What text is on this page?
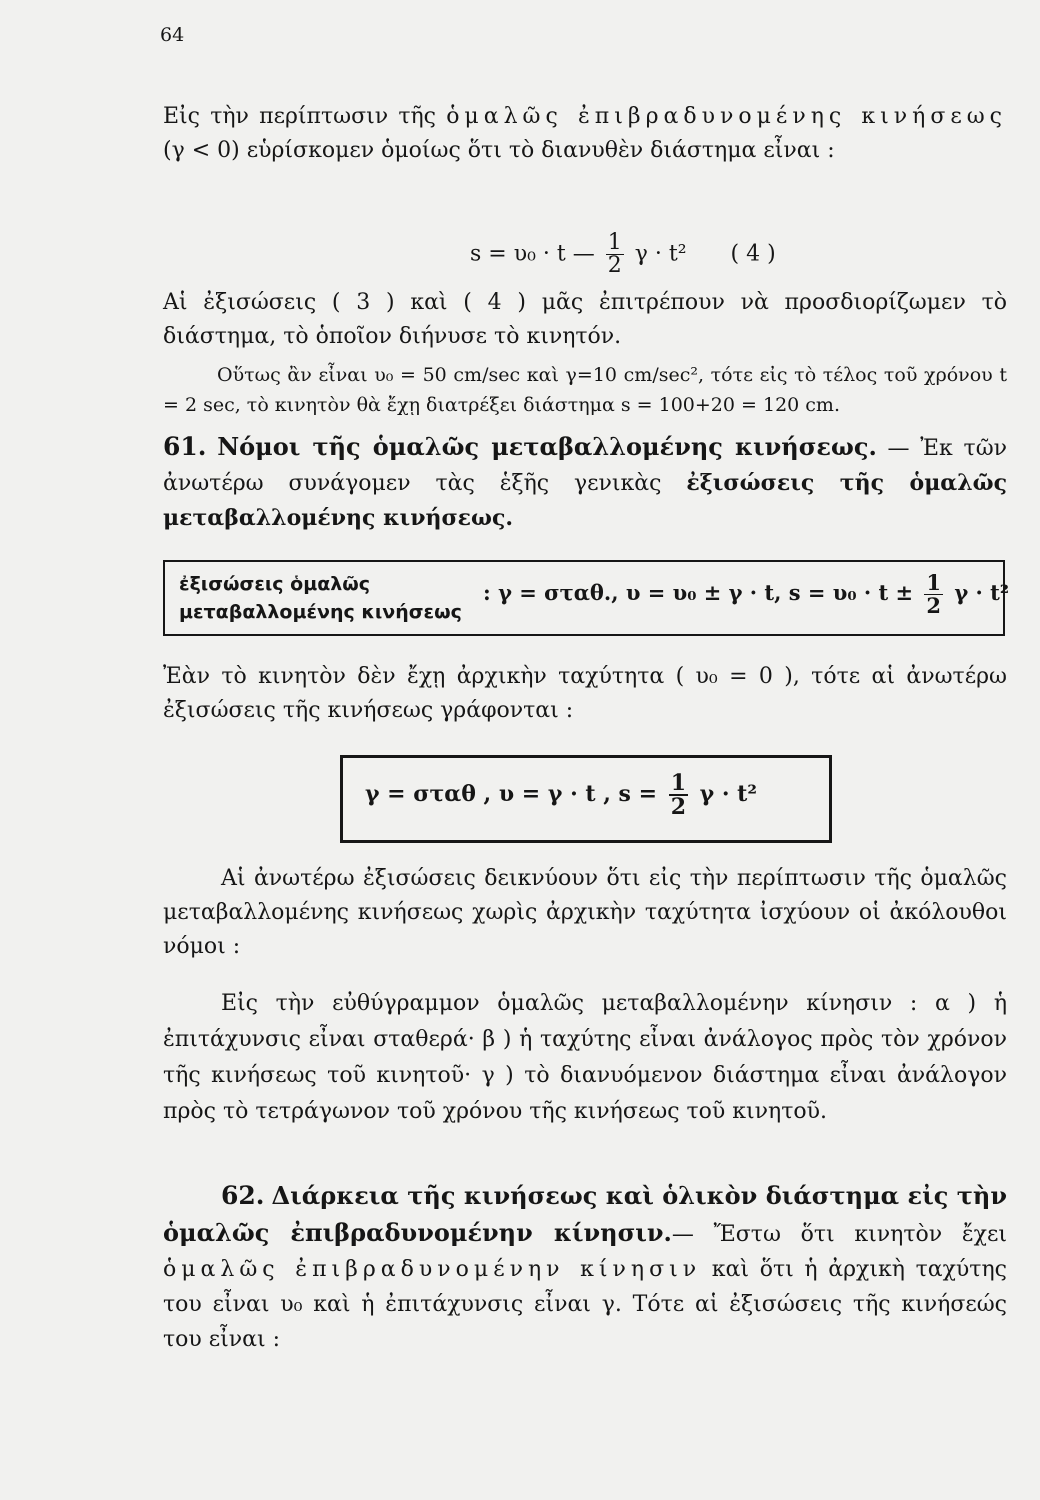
64
Εἰς τὴν περίπτωσιν τῆς ὁμαλῶς ἐπιβραδυνομένης κινήσεως (γ < 0) εὑρίσκομεν ὁμοίως ὅτι τὸ διανυθὲν διάστημα εἶναι :
s = υ₀ · t — $\frac{1}{2}$ γ · t² ( 4 )
Αἱ ἐξισώσεις ( 3 ) καὶ ( 4 ) μᾶς ἐπιτρέπουν νὰ προσδιορίζωμεν τὸ διάστημα, τὸ ὁποῖον διήνυσε τὸ κινητόν.
Οὕτως ἂν εἶναι υ₀ = 50 cm/sec καὶ γ=10 cm/sec², τότε εἰς τὸ τέλος τοῦ χρόνου t = 2 sec, τὸ κινητὸν θὰ ἔχῃ διατρέξει διάστημα s = 100+20 = 120 cm.
61. Νόμοι τῆς ὁμαλῶς μεταβαλλομένης κινήσεως. — Ἐκ τῶν ἀνωτέρω συνάγομεν τὰς ἑξῆς γενικὰς ἐξισώσεις τῆς ὁμαλῶς μεταβαλλομένης κινήσεως.
ἐξισώσεις ὁμαλῶς μεταβαλλομένης κινήσεως
: γ = σταθ., υ = υ₀ ± γ · t, $s = \upsilon_0 \cdot t \pm \frac{1}{2}$ γ · t²
Ἐὰν τὸ κινητὸν δὲν ἔχῃ ἀρχικὴν ταχύτητα ( υ₀ = 0 ), τότε αἱ ἀνωτέρω ἐξισώσεις τῆς κινήσεως γράφονται :
γ = σταθ , υ = γ · t , $s = \frac{1}{2}$ γ · t²
Αἱ ἀνωτέρω ἐξισώσεις δεικνύουν ὅτι εἰς τὴν περίπτωσιν τῆς ὁμαλῶς μεταβαλλομένης κινήσεως χωρὶς ἀρχικὴν ταχύτητα ἰσχύουν οἱ ἀκόλουθοι νόμοι :
Εἰς τὴν εὐθύγραμμον ὁμαλῶς μεταβαλλομένην κίνησιν : α ) ἡ ἐπιτάχυνσις εἶναι σταθερά· β ) ἡ ταχύτης εἶναι ἀνάλογος πρὸς τὸν χρόνον τῆς κινήσεως τοῦ κινητοῦ· γ ) τὸ διανυόμενον διάστημα εἶναι ἀνάλογον πρὸς τὸ τετράγωνον τοῦ χρόνου τῆς κινήσεως τοῦ κινητοῦ.
62. Διάρκεια τῆς κινήσεως καὶ ὁλικὸν διάστημα εἰς τὴν ὁμαλῶς ἐπιβραδυνομένην κίνησιν.— Ἔστω ὅτι κινητὸν ἔχει ὁμαλῶς ἐπιβραδυνομένην κίνησιν καὶ ὅτι ἡ ἀρχικὴ ταχύτης του εἶναι υ₀ καὶ ἡ ἐπιτάχυνσις εἶναι γ. Τότε αἱ ἐξισώσεις τῆς κινήσεώς του εἶναι :
